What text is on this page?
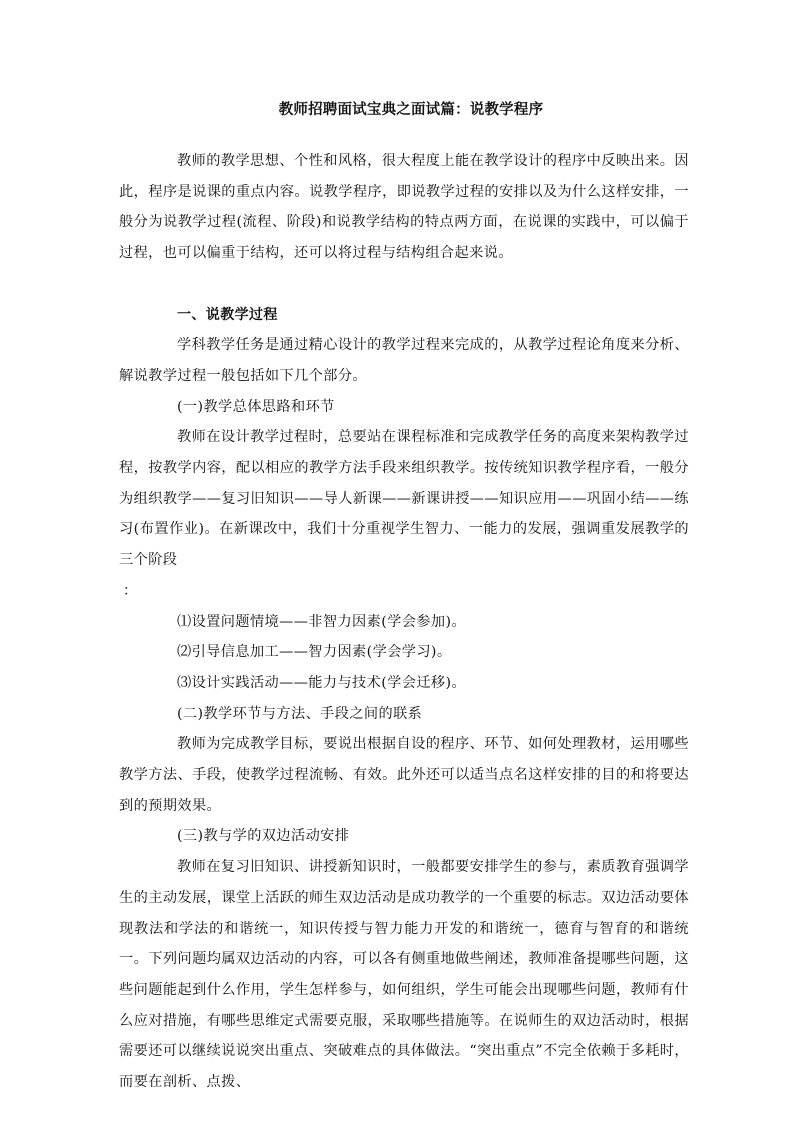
教师招聘面试宝典之面试篇：说教学程序

教师的教学思想、个性和风格，很大程度上能在教学设计的程序中反映出来。因此，程序是说课的重点内容。说教学程序，即说教学过程的安排以及为什么这样安排，一般分为说教学过程(流程、阶段)和说教学结构的特点两方面，在说课的实践中，可以偏于过程，也可以偏重于结构，还可以将过程与结构组合起来说。

一、说教学过程

学科教学任务是通过精心设计的教学过程来完成的，从教学过程论角度来分析、解说教学过程一般包括如下几个部分。

(一)教学总体思路和环节

教师在设计教学过程时，总要站在课程标准和完成教学任务的高度来架构教学过程，按教学内容，配以相应的教学方法手段来组织教学。按传统知识教学程序看，一般分为组织教学——复习旧知识——导人新课——新课讲授——知识应用——巩固小结——练习(布置作业)。在新课改中，我们十分重视学生智力、一能力的发展，强调重发展教学的三个阶段

：

⑴设置问题情境——非智力因素(学会参加)。

⑵引导信息加工——智力因素(学会学习)。

⑶设计实践活动——能力与技术(学会迁移)。

(二)教学环节与方法、手段之间的联系

教师为完成教学目标，要说出根据自设的程序、环节、如何处理教材，运用哪些教学方法、手段，使教学过程流畅、有效。此外还可以适当点名这样安排的目的和将要达到的预期效果。

(三)教与学的双边活动安排

教师在复习旧知识、讲授新知识时，一般都要安排学生的参与，素质教育强调学生的主动发展，课堂上活跃的师生双边活动是成功教学的一个重要的标志。双边活动要体现教法和学法的和谐统一，知识传授与智力能力开发的和谐统一，德育与智育的和谐统一。下列问题均属双边活动的内容，可以各有侧重地做些阐述，教师准备提哪些问题，这些问题能起到什么作用，学生怎样参与，如何组织，学生可能会出现哪些问题，教师有什么应对措施，有哪些思维定式需要克服，采取哪些措施等。在说师生的双边活动时，根据需要还可以继续说说突出重点、突破难点的具体做法。“突出重点”不完全依赖于多耗时，而要在剖析、点拨、
